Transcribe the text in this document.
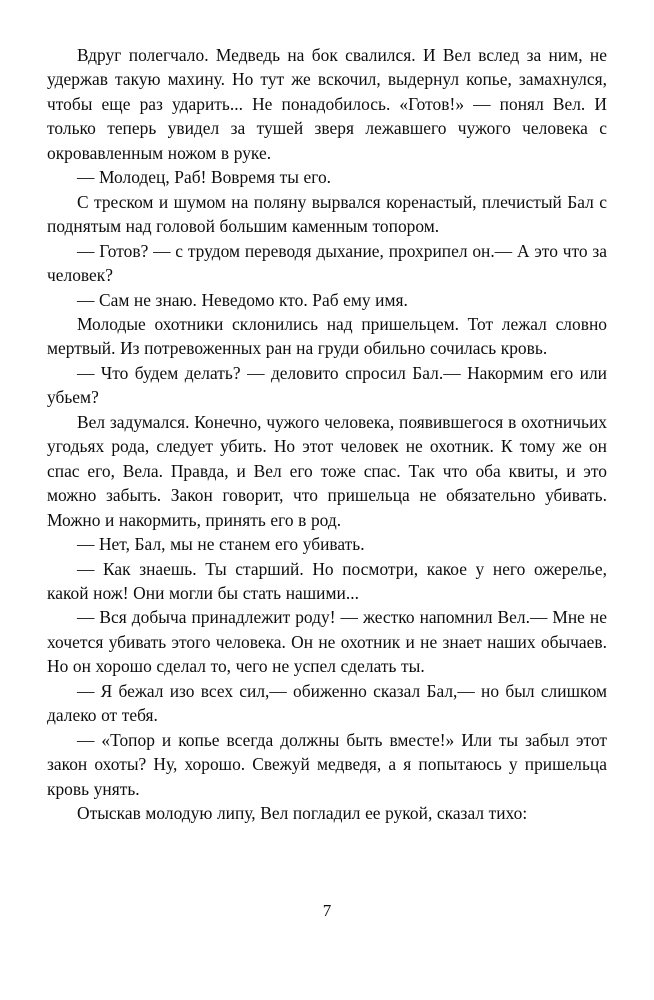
Вдруг полегчало. Медведь на бок свалился. И Вел вслед за ним, не удержав такую махину. Но тут же вскочил, выдернул копье, замахнулся, чтобы еще раз ударить... Не понадобилось. «Готов!» — понял Вел. И только теперь увидел за тушей зверя лежавшего чужого человека с окровавленным ножом в руке.

— Молодец, Раб! Вовремя ты его.

С треском и шумом на поляну вырвался коренастый, плечистый Бал с поднятым над головой большим каменным топором.

— Готов? — с трудом переводя дыхание, прохрипел он.— А это что за человек?

— Сам не знаю. Неведомо кто. Раб ему имя.

Молодые охотники склонились над пришельцем. Тот лежал словно мертвый. Из потревоженных ран на груди обильно сочилась кровь.

— Что будем делать? — деловито спросил Бал.— Накормим его или убьем?

Вел задумался. Конечно, чужого человека, появившегося в охотничьих угодьях рода, следует убить. Но этот человек не охотник. К тому же он спас его, Вела. Правда, и Вел его тоже спас. Так что оба квиты, и это можно забыть. Закон говорит, что пришельца не обязательно убивать. Можно и накормить, принять его в род.

— Нет, Бал, мы не станем его убивать.

— Как знаешь. Ты старший. Но посмотри, какое у него ожерелье, какой нож! Они могли бы стать нашими...

— Вся добыча принадлежит роду! — жестко напомнил Вел.— Мне не хочется убивать этого человека. Он не охотник и не знает наших обычаев. Но он хорошо сделал то, чего не успел сделать ты.

— Я бежал изо всех сил,— обиженно сказал Бал,— но был слишком далеко от тебя.

— «Топор и копье всегда должны быть вместе!» Или ты забыл этот закон охоты? Ну, хорошо. Свежуй медведя, а я попытаюсь у пришельца кровь унять.

Отыскав молодую липу, Вел погладил ее рукой, сказал тихо:

7
